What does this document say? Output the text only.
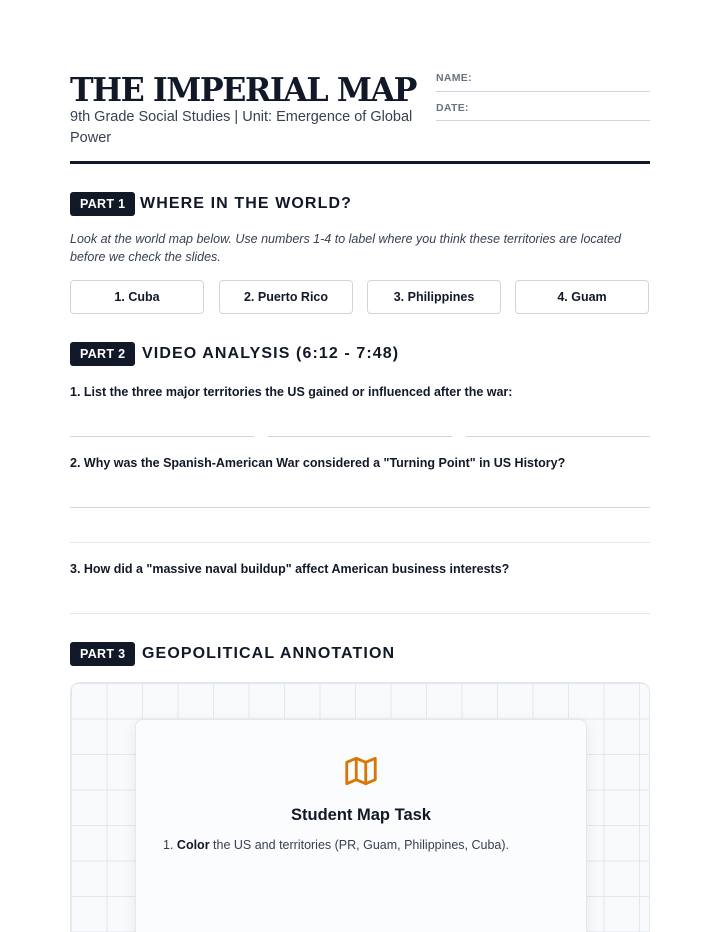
THE IMPERIAL MAP
9th Grade Social Studies | Unit: Emergence of Global Power
NAME:
DATE:
PART 1 WHERE IN THE WORLD?
Look at the world map below. Use numbers 1-4 to label where you think these territories are located before we check the slides.
1. Cuba	2. Puerto Rico	3. Philippines	4. Guam
PART 2	VIDEO ANALYSIS (6:12 - 7:48)
1. List the three major territories the US gained or influenced after the war:
2. Why was the Spanish-American War considered a "Turning Point" in US History?
3. How did a "massive naval buildup" affect American business interests?
PART 3	GEOPOLITICAL ANNOTATION
Student Map Task
1. Color the US and territories (PR, Guam, Philippines, Cuba).
